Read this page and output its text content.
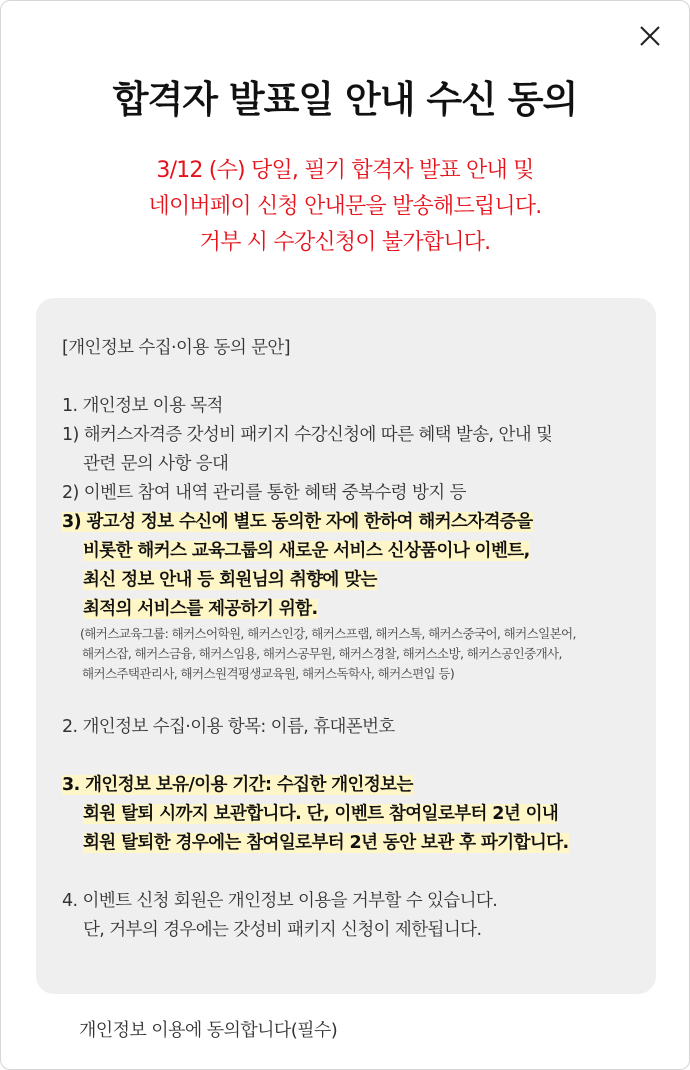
합격자 발표일 안내 수신 동의
3/12 (수) 당일, 필기 합격자 발표 안내 및
네이버페이 신청 안내문을 발송해드립니다.
거부 시 수강신청이 불가합니다.
[개인정보 수집·이용 동의 문안]
1. 개인정보 이용 목적
1) 해커스자격증 갓성비 패키지 수강신청에 따른 혜택 발송, 안내 및
관련 문의 사항 응대
2) 이벤트 참여 내역 관리를 통한 혜택 중복수령 방지 등
3) 광고성 정보 수신에 별도 동의한 자에 한하여 해커스자격증을
비롯한 해커스 교육그룹의 새로운 서비스 신상품이나 이벤트,
최신 정보 안내 등 회원님의 취향에 맞는
최적의 서비스를 제공하기 위함.
(해커스교육그룹: 해커스어학원, 해커스인강, 해커스프랩, 해커스톡, 해커스중국어, 해커스일본어,
해커스잡, 해커스금융, 해커스임용, 해커스공무원, 해커스경찰, 해커스소방, 해커스공인중개사,
해커스주택관리사, 해커스원격평생교육원, 해커스독학사, 해커스편입 등)
2. 개인정보 수집·이용 항목: 이름, 휴대폰번호
3. 개인정보 보유/이용 기간: 수집한 개인정보는
회원 탈퇴 시까지 보관합니다. 단, 이벤트 참여일로부터 2년 이내
회원 탈퇴한 경우에는 참여일로부터 2년 동안 보관 후 파기합니다.
4. 이벤트 신청 회원은 개인정보 이용을 거부할 수 있습니다.
단, 거부의 경우에는 갓성비 패키지 신청이 제한됩니다.
개인정보 이용에 동의합니다(필수)
